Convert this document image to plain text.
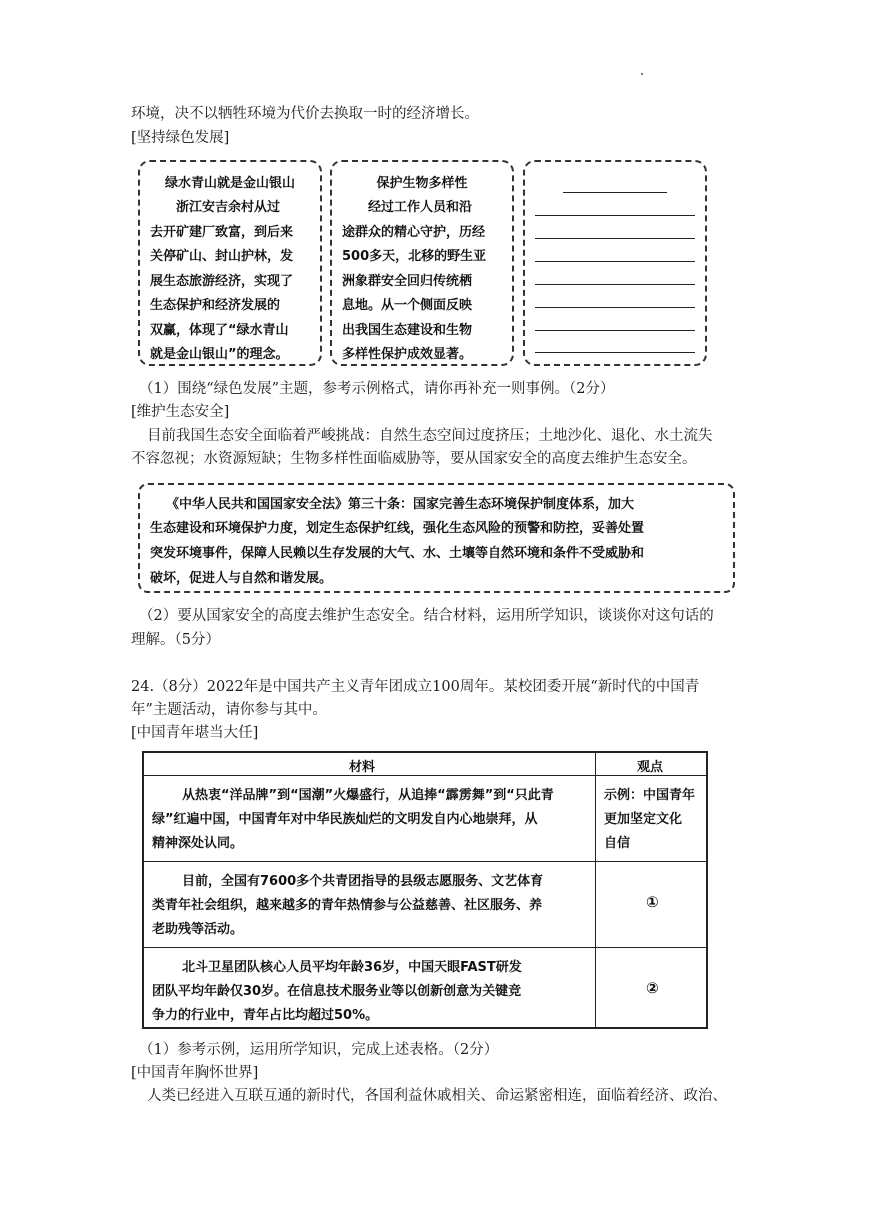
环境，决不以牺牲环境为代价去换取一时的经济增长。
[坚持绿色发展]
绿水青山就是金山银山
浙江安吉余村从过
去开矿建厂致富，到后来
关停矿山、封山护林，发
展生态旅游经济，实现了
生态保护和经济发展的
双赢，体现了“绿水青山
就是金山银山”的理念。
保护生物多样性
经过工作人员和沿
途群众的精心守护，历经
500多天，北移的野生亚
洲象群安全回归传统栖
息地。从一个侧面反映
出我国生态建设和生物
多样性保护成效显著。
（1）围绕“绿色发展”主题，参考示例格式，请你再补充一则事例。（2分）
[维护生态安全]
目前我国生态安全面临着严峻挑战：自然生态空间过度挤压；土地沙化、退化、水土流失
不容忽视；水资源短缺；生物多样性面临威胁等，要从国家安全的高度去维护生态安全。
《中华人民共和国国家安全法》第三十条：国家完善生态环境保护制度体系，加大
生态建设和环境保护力度，划定生态保护红线，强化生态风险的预警和防控，妥善处置
突发环境事件，保障人民赖以生存发展的大气、水、土壤等自然环境和条件不受威胁和
破坏，促进人与自然和谐发展。
（2）要从国家安全的高度去维护生态安全。结合材料，运用所学知识，谈谈你对这句话的
理解。（5分）
24.（8分）2022年是中国共产主义青年团成立100周年。某校团委开展“新时代的中国青
年”主题活动，请你参与其中。
[中国青年堪当大任]
材料	观点
从热衷“洋品牌”到“国潮”火爆盛行，从追捧“霹雳舞”到“只此青
绿”红遍中国，中国青年对中华民族灿烂的文明发自内心地崇拜，从
精神深处认同。
示例：中国青年
更加坚定文化
自信
目前，全国有7600多个共青团指导的县级志愿服务、文艺体育
类青年社会组织，越来越多的青年热情参与公益慈善、社区服务、养
老助残等活动。
①
北斗卫星团队核心人员平均年龄36岁，中国天眼FAST研发
团队平均年龄仅30岁。在信息技术服务业等以创新创意为关键竞
争力的行业中，青年占比均超过50%。
②
（1）参考示例，运用所学知识，完成上述表格。（2分）
[中国青年胸怀世界]
人类已经进入互联互通的新时代，各国利益休戚相关、命运紧密相连，面临着经济、政治、
